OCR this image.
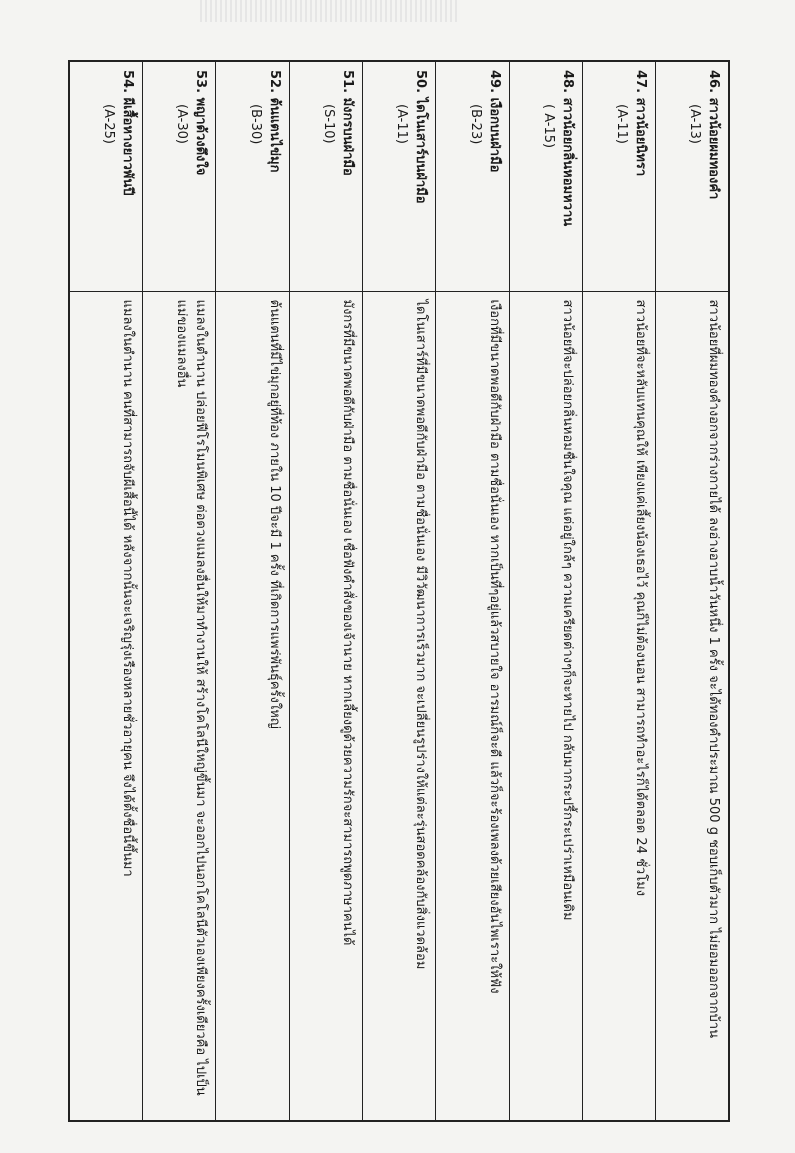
46. สาวน้อยผมทองคำ
(A-13)	สาวน้อยที่ผมทองคำงอกจากร่างกายได้ ลงอ่างอาบน้ำวันหนึ่ง 1 ครั้ง จะได้ทองคำประมาณ 500 g ชอบเก็บตัวมาก ไม่ยอมออกจากบ้าน
47. สาวน้อยนิทรา
(A-11)	สาวน้อยที่จะหลับแทนคุณให้ เพียงแค่เลี้ยงน้องเธอไว้ คุณก็ไม่ต้องนอน สามารถทำอะไรก็ได้ตลอด 24 ชั่วโมง
48. สาวน้อยกลิ่นหอมหวาน
( A-15)	สาวน้อยที่จะปล่อยกลิ่นหอมชื่นใจคุณ แต่อยู่ใกล้ๆ ความเครียดต่างๆก็จะหายไป กลับมากระปรี้กระเปร่าเหมือนเดิม
49. เงือกบนฝ่ามือ
(B-23)	เงือกที่มีขนาดพอดีกับฝ่ามือ ตามชื่อนั่นเอง หากเป็นที่ๆอยู่แล้วสบายใจ อารมณ์ก็จะดี แล้วก็จะร้องเพลงด้วยเสียงอันไพเราะให้ฟัง
50. ไดโนเสาร์บนฝ่ามือ
(A-11)	ไดโนเสาร์ที่มีขนาดพอดีกับฝ่ามือ ตามชื่อนั่นเอง มีวิวัฒนาการเร็วมาก จะเปลี่ยนรูปร่างให้แต่ละรุ่นสอดคล้องกับสิ่งแวดล้อม
51. มังกรบนฝ่ามือ
(S-10)	มังกรที่มีขนาดพอดีกับฝ่ามือ ตามชื่อนั่นเอง เชื่อฟังคำสั่งของเจ้านาย หากเลี้ยงดูด้วยความรักจะสามารถพูดภาษาคนได้
52. ต้นแตนไข่มุก
(B-30)	ต้นแตนที่มีไข่มุกอยู่ที่ท้อง ภายใน 10 ปีจะมี 1 ครั้ง ที่เกิดการแพร่พันธุ์ครั้งใหญ่
53. พญาด้วงดึงใจ
(A-30)	แมลงในตำนาน ปล่อยฟีโรโมนพิเศษ ต่อดวงแมลงอื่นให้มาทำงานให้ สร้างโคโลนีใหญ่ขึ้นมา จะออกไปนอกโคโลนีตัวเองเพียงครั้งเดียวคือ ไปเป็นแม่ของแมลงอื่น
54. ผีเสื้อหางยาวพันปี
(A-25)	แมลงในตำนาน คนที่สามารถจับผีเสื้อนี้ได้ หลังจากนั้นจะเจริญรุ่งเรืองหลายชั่วอายุคน จึงได้ตั้งชื่อนี้ขึ้นมา
